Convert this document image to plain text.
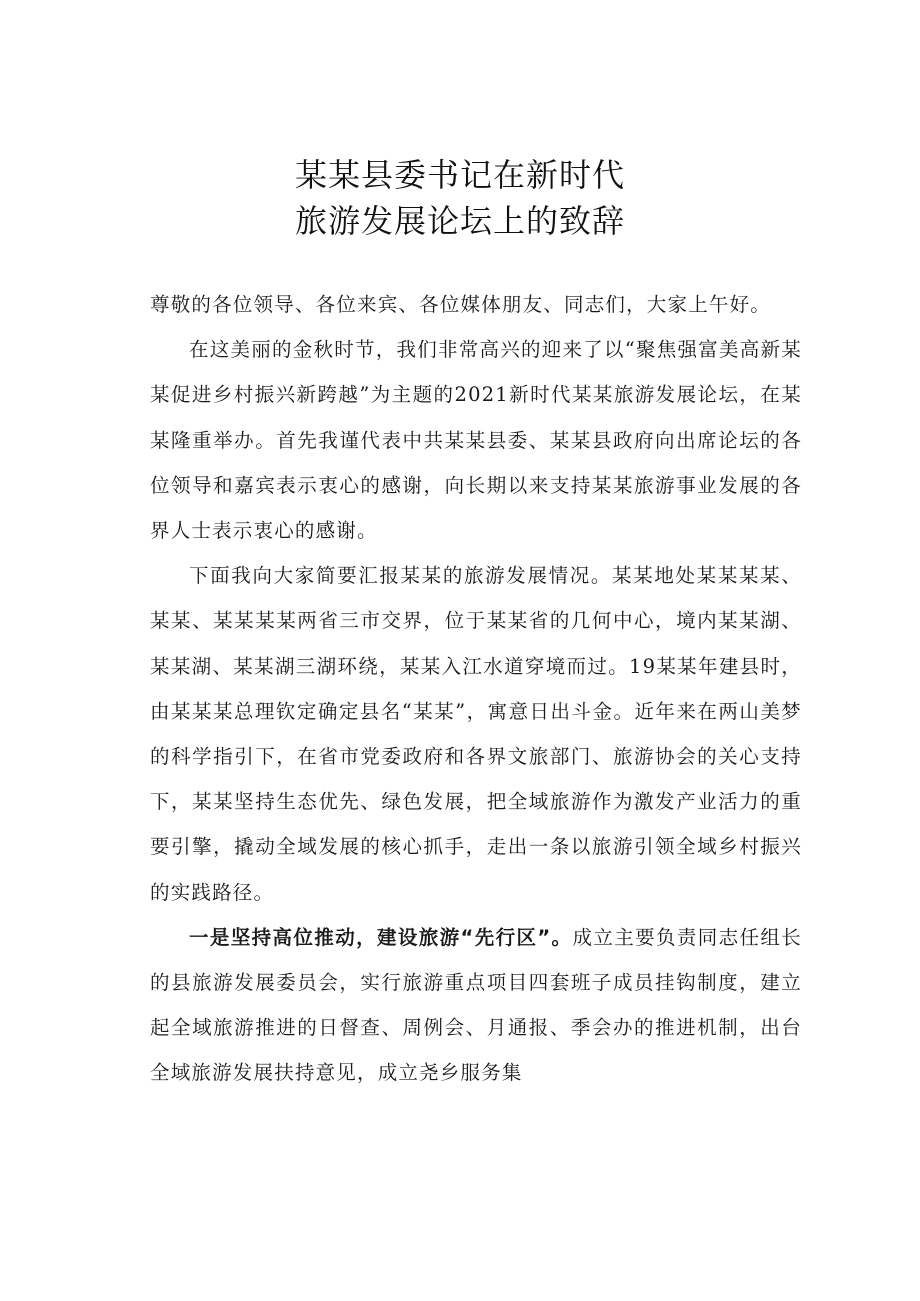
某某县委书记在新时代
旅游发展论坛上的致辞

尊敬的各位领导、各位来宾、各位媒体朋友、同志们，大家上午好。

在这美丽的金秋时节，我们非常高兴的迎来了以“聚焦强富美高新某某促进乡村振兴新跨越”为主题的2021新时代某某旅游发展论坛，在某某隆重举办。首先我谨代表中共某某县委、某某县政府向出席论坛的各位领导和嘉宾表示衷心的感谢，向长期以来支持某某旅游事业发展的各界人士表示衷心的感谢。

下面我向大家简要汇报某某的旅游发展情况。某某地处某某某某、某某、某某某某两省三市交界，位于某某省的几何中心，境内某某湖、某某湖、某某湖三湖环绕，某某入江水道穿境而过。19某某年建县时，由某某某总理钦定确定县名“某某”，寓意日出斗金。近年来在两山美梦的科学指引下，在省市党委政府和各界文旅部门、旅游协会的关心支持下，某某坚持生态优先、绿色发展，把全域旅游作为激发产业活力的重要引擎，撬动全域发展的核心抓手，走出一条以旅游引领全域乡村振兴的实践路径。

一是坚持高位推动，建设旅游“先行区”。成立主要负责同志任组长的县旅游发展委员会，实行旅游重点项目四套班子成员挂钩制度，建立起全域旅游推进的日督查、周例会、月通报、季会办的推进机制，出台全域旅游发展扶持意见，成立尧乡服务集
